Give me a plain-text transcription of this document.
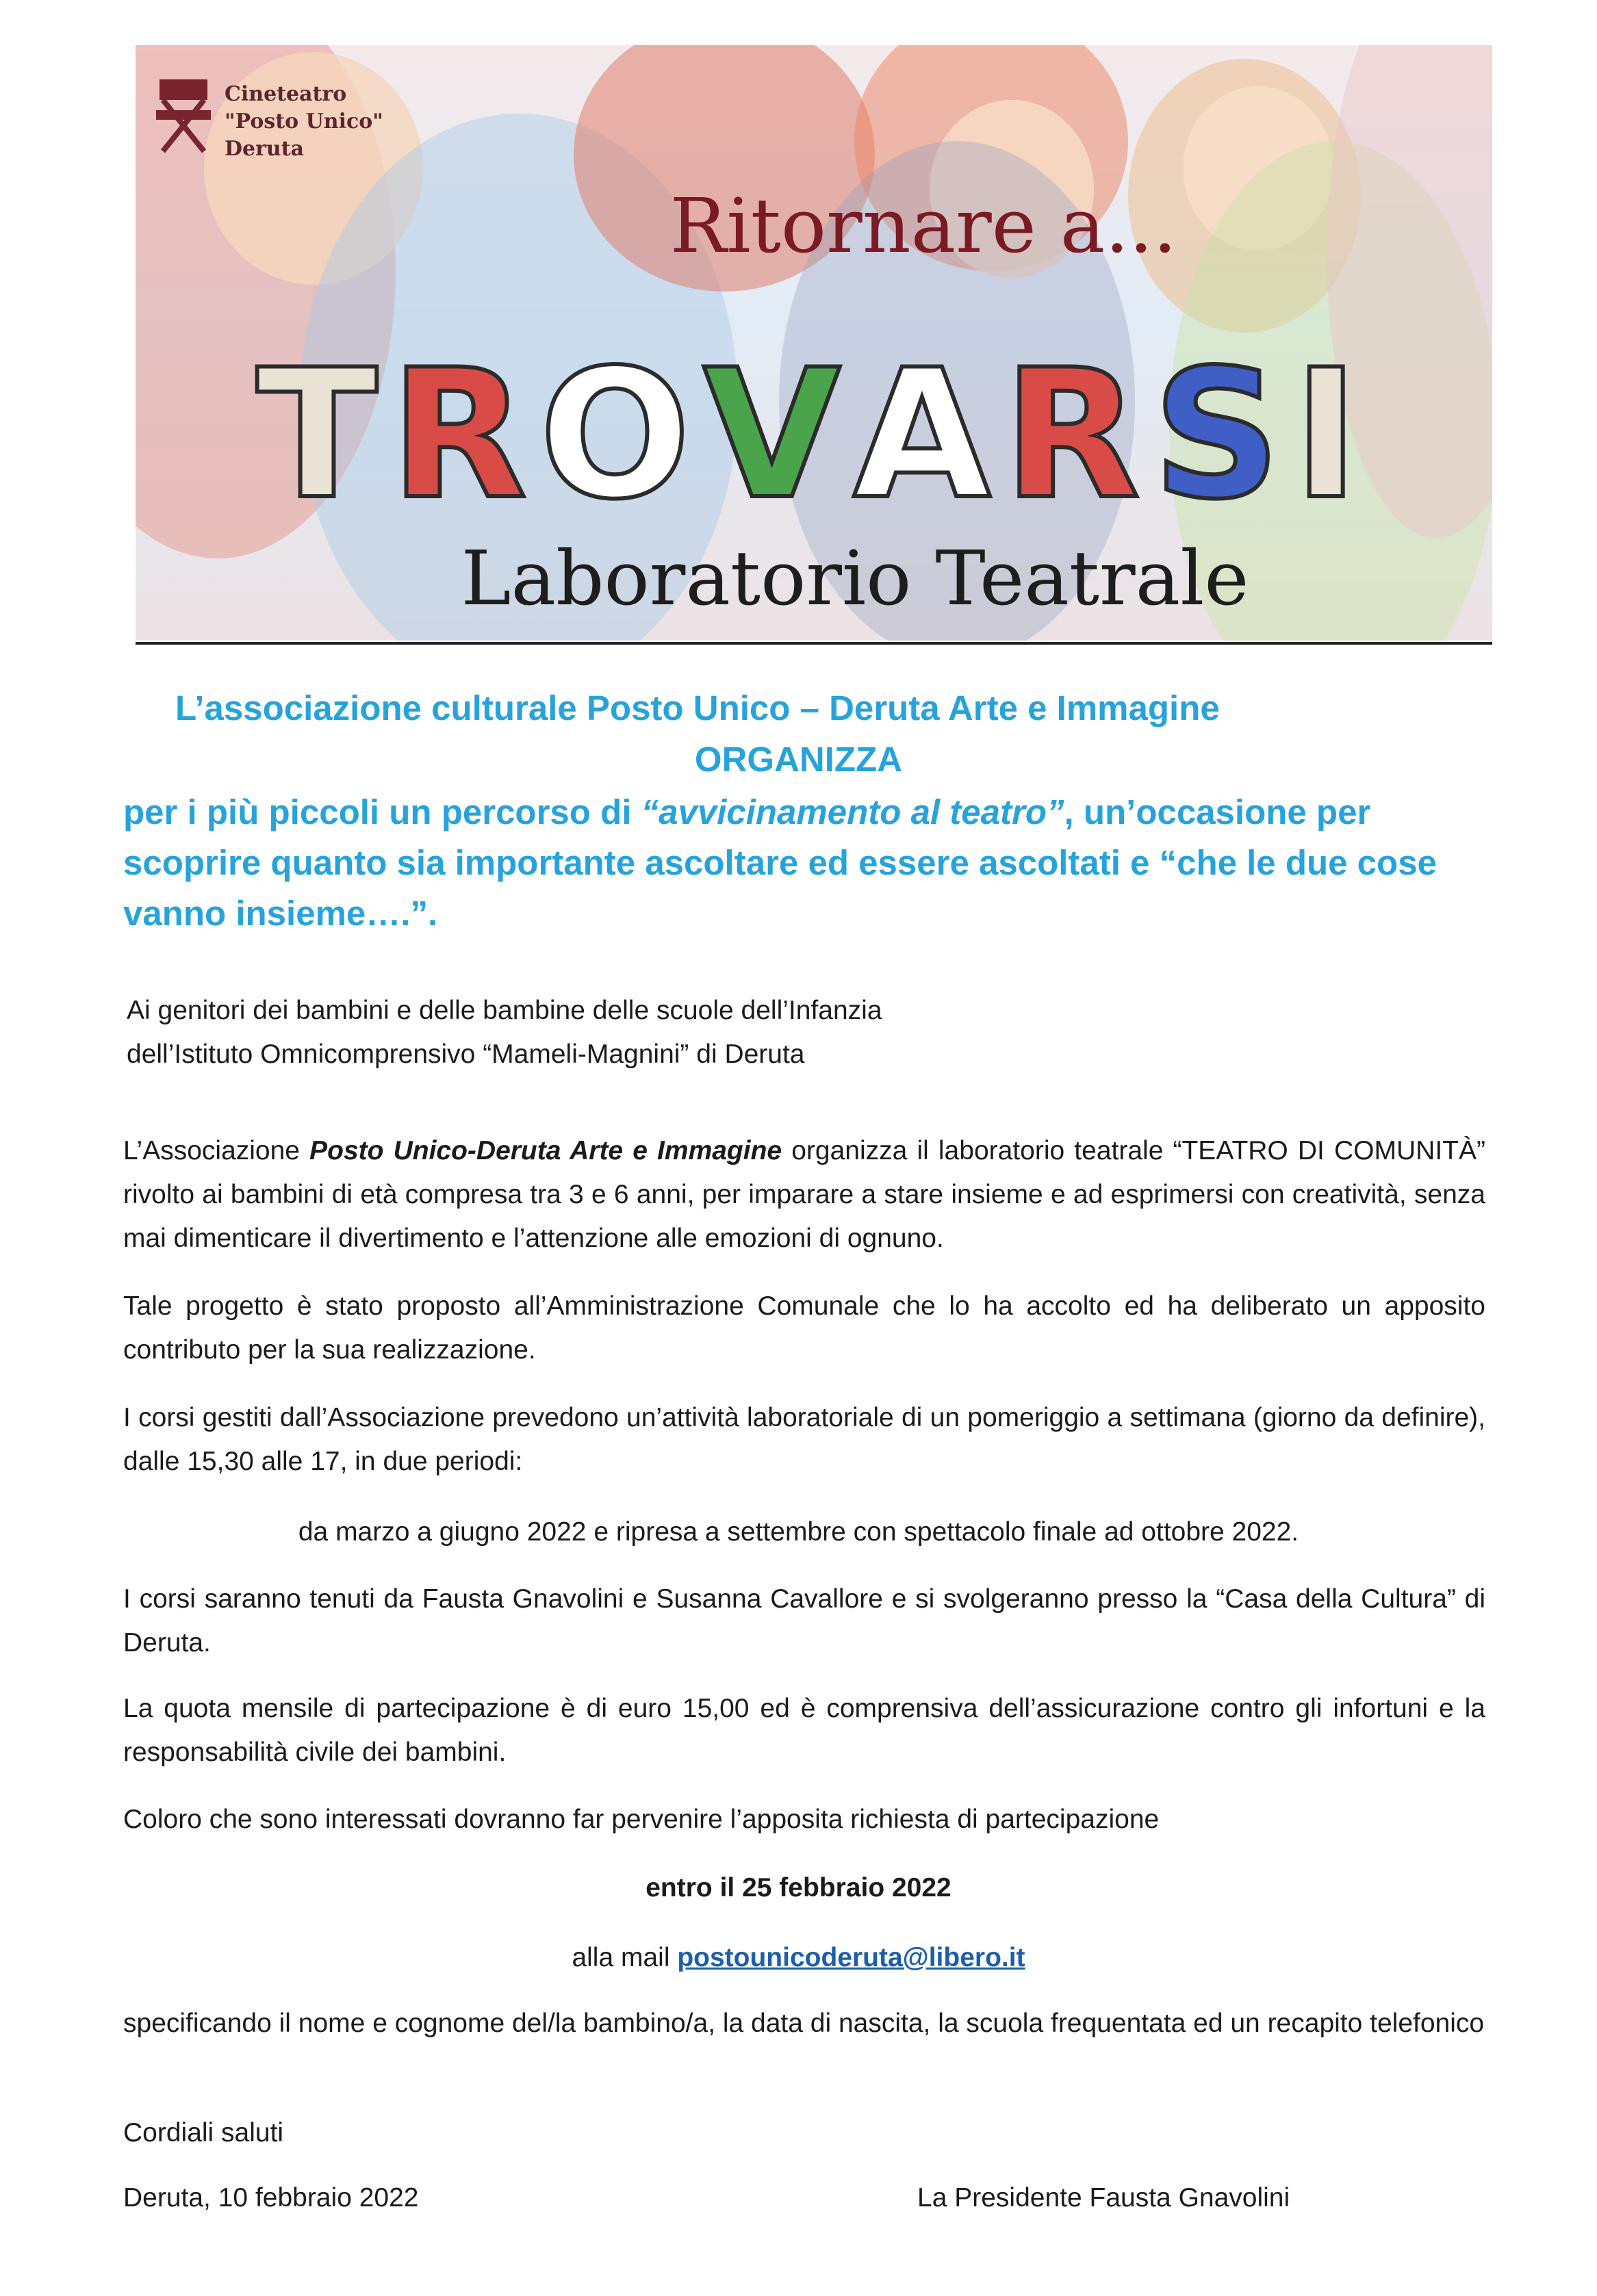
Cineteatro
"Posto Unico"
Deruta
Ritornare a...
TROVARSI
Laboratorio Teatrale
L’associazione culturale Posto Unico – Deruta Arte e Immagine
ORGANIZZA
per i più piccoli un percorso di “avvicinamento al teatro”, un’occasione per scoprire quanto sia importante ascoltare ed essere ascoltati e “che le due cose vanno insieme….”.
Ai genitori dei bambini e delle bambine delle scuole dell’Infanzia
dell’Istituto Omnicomprensivo “Mameli-Magnini” di Deruta
L’Associazione Posto Unico-Deruta Arte e Immagine organizza il laboratorio teatrale “TEATRO DI COMUNITÀ” rivolto ai bambini di età compresa tra 3 e 6 anni, per imparare a stare insieme e ad esprimersi con creatività, senza mai dimenticare il divertimento e l’attenzione alle emozioni di ognuno.
Tale progetto è stato proposto all’Amministrazione Comunale che lo ha accolto ed ha deliberato un apposito contributo per la sua realizzazione.
I corsi gestiti dall’Associazione prevedono un’attività laboratoriale di un pomeriggio a settimana (giorno da definire), dalle 15,30 alle 17, in due periodi:
da marzo a giugno 2022 e ripresa a settembre con spettacolo finale ad ottobre 2022.
I corsi saranno tenuti da Fausta Gnavolini e Susanna Cavallore e si svolgeranno presso la “Casa della Cultura” di Deruta.
La quota mensile di partecipazione è di euro 15,00 ed è comprensiva dell’assicurazione contro gli infortuni e la responsabilità civile dei bambini.
Coloro che sono interessati dovranno far pervenire l’apposita richiesta di partecipazione
entro il 25 febbraio 2022
alla mail postounicoderuta@libero.it
specificando il nome e cognome del/la bambino/a, la data di nascita, la scuola frequentata ed un recapito telefonico
Cordiali saluti
Deruta, 10 febbraio 2022	La Presidente Fausta Gnavolini
